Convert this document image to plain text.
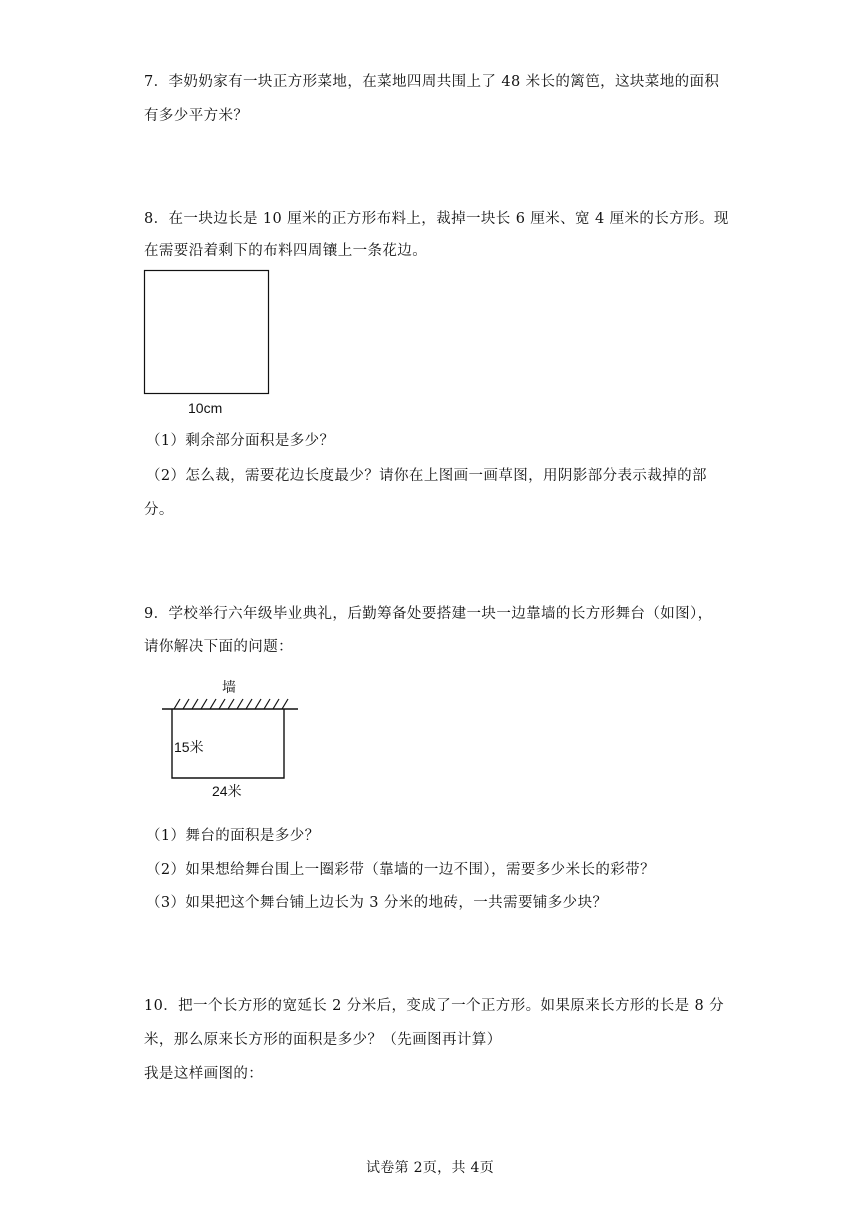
7．李奶奶家有一块正方形菜地，在菜地四周共围上了 48 米长的篱笆，这块菜地的面积
有多少平方米？
8．在一块边长是 10 厘米的正方形布料上，裁掉一块长 6 厘米、宽 4 厘米的长方形。现
在需要沿着剩下的布料四周镶上一条花边。
10cm
（1）剩余部分面积是多少？
（2）怎么裁，需要花边长度最少？请你在上图画一画草图，用阴影部分表示裁掉的部
分。
9．学校举行六年级毕业典礼，后勤筹备处要搭建一块一边靠墙的长方形舞台（如图），
请你解决下面的问题：
墙
15米
24米
（1）舞台的面积是多少？
（2）如果想给舞台围上一圈彩带（靠墙的一边不围），需要多少米长的彩带？
（3）如果把这个舞台铺上边长为 3 分米的地砖，一共需要铺多少块？
10．把一个长方形的宽延长 2 分米后，变成了一个正方形。如果原来长方形的长是 8 分
米，那么原来长方形的面积是多少？（先画图再计算）
我是这样画图的：
试卷第 2页，共 4页
